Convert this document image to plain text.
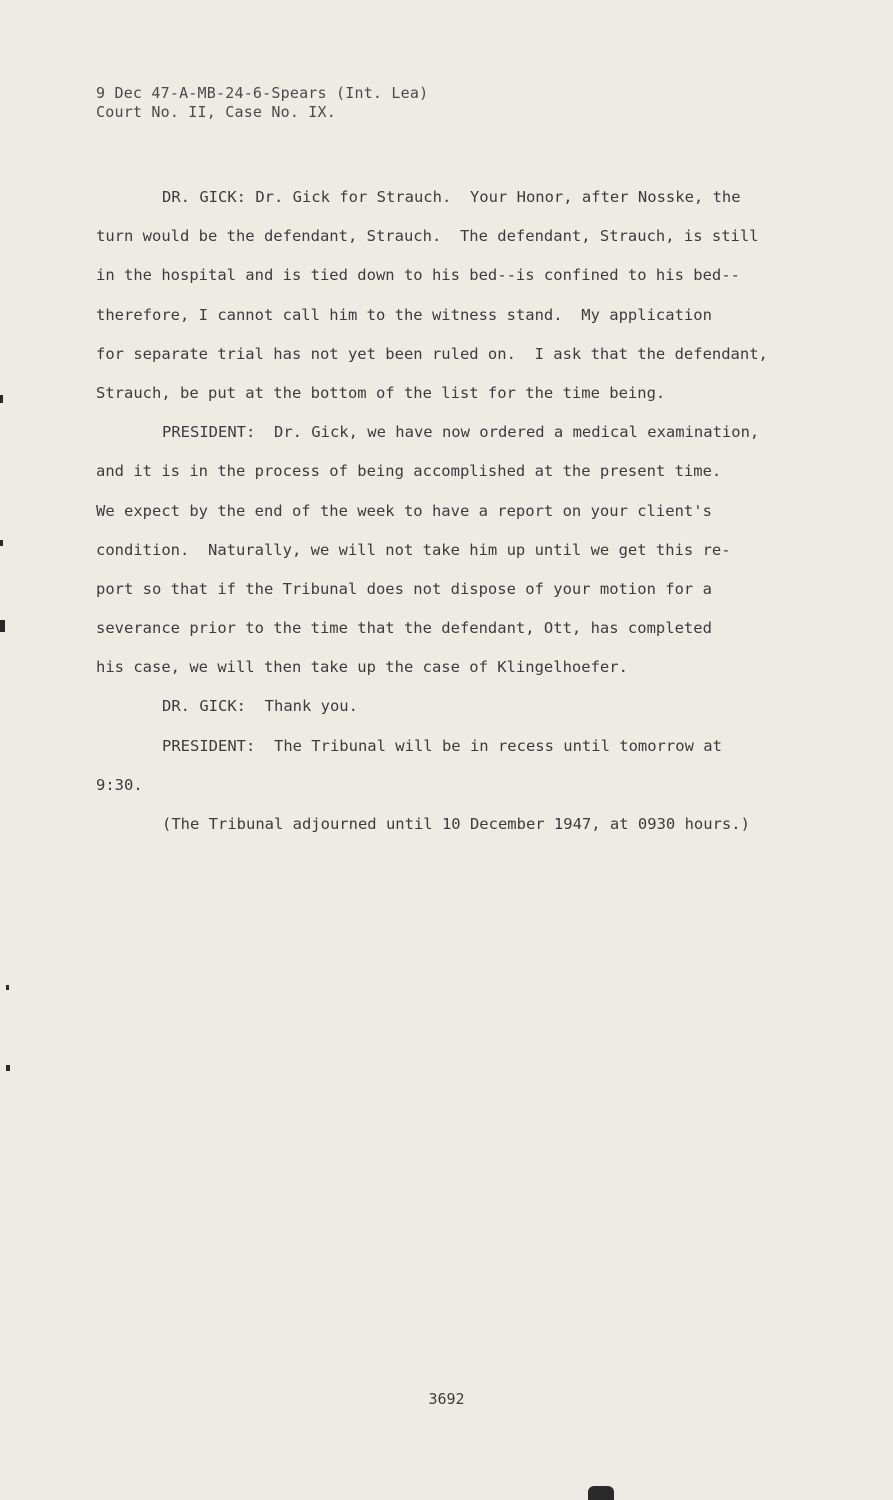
9 Dec 47-A-MB-24-6-Spears (Int. Lea)
Court No. II, Case No. IX.
DR. GICK: Dr. Gick for Strauch.  Your Honor, after Nosske, the
turn would be the defendant, Strauch.  The defendant, Strauch, is still
in the hospital and is tied down to his bed--is confined to his bed--
therefore, I cannot call him to the witness stand.  My application
for separate trial has not yet been ruled on.  I ask that the defendant,
Strauch, be put at the bottom of the list for the time being.
PRESIDENT:  Dr. Gick, we have now ordered a medical examination,
and it is in the process of being accomplished at the present time.
We expect by the end of the week to have a report on your client's
condition.  Naturally, we will not take him up until we get this re-
port so that if the Tribunal does not dispose of your motion for a
severance prior to the time that the defendant, Ott, has completed
his case, we will then take up the case of Klingelhoefer.
DR. GICK:  Thank you.
PRESIDENT:  The Tribunal will be in recess until tomorrow at
9:30.
(The Tribunal adjourned until 10 December 1947, at 0930 hours.)
3692
